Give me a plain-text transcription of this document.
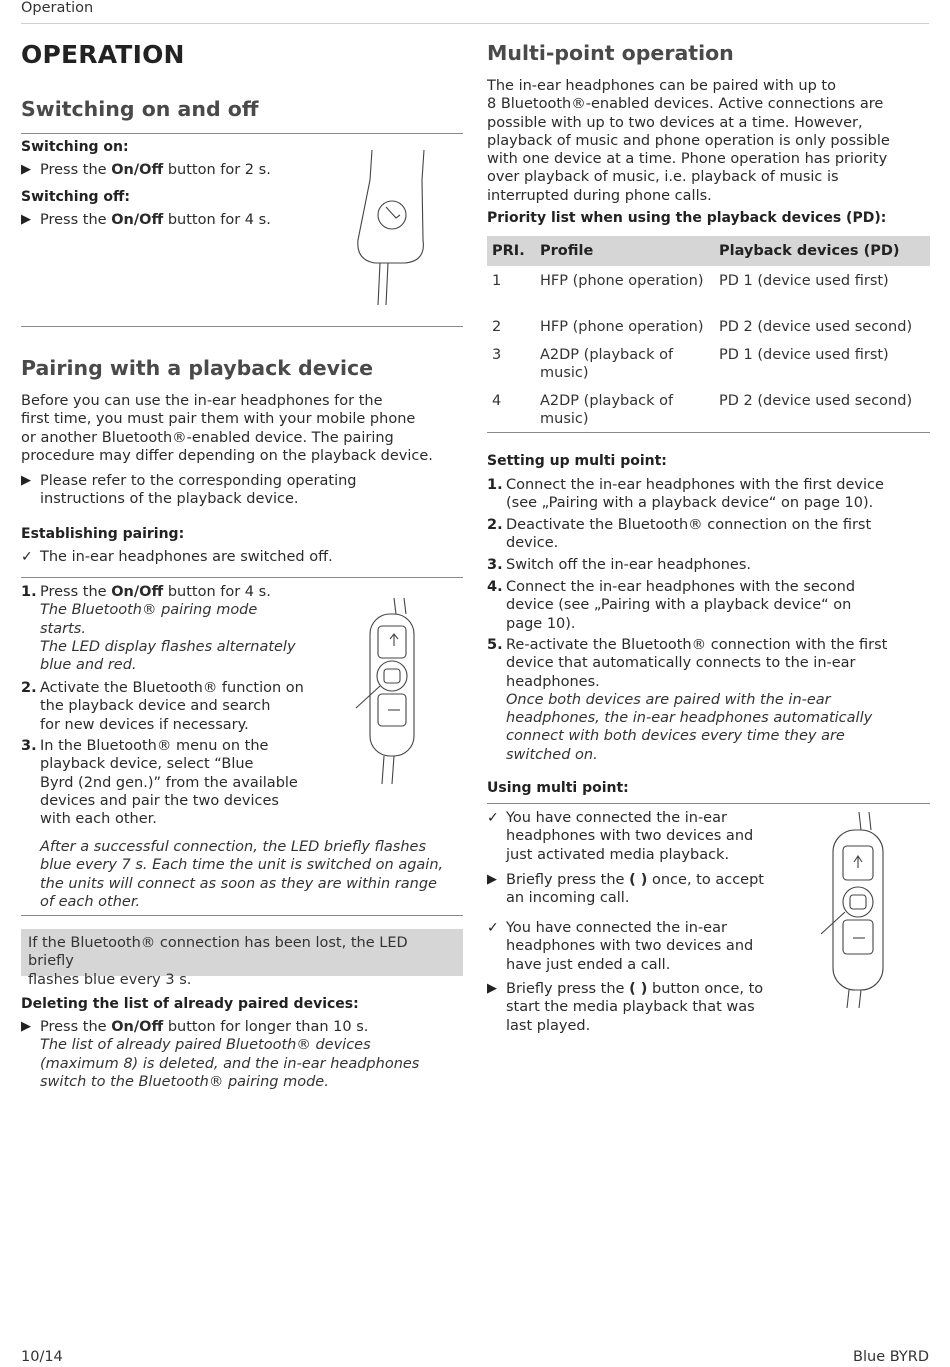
Operation
OPERATION
Switching on and off
Switching on:
▶ Press the On/Off button for 2 s.
Switching off:
▶ Press the On/Off button for 4 s.
Pairing with a playback device
Before you can use the in-ear headphones for the
first time, you must pair them with your mobile phone
or another Bluetooth®-enabled device. The pairing
procedure may differ depending on the playback device.
▶ Please refer to the corresponding operating
instructions of the playback device.
Establishing pairing:
✓ The in-ear headphones are switched off.
1. Press the On/Off button for 4 s.
The Bluetooth® pairing mode
starts.
The LED display flashes alternately
blue and red.
2. Activate the Bluetooth® function on
the playback device and search
for new devices if necessary.
3. In the Bluetooth® menu on the
playback device, select “Blue
Byrd (2nd gen.)” from the available
devices and pair the two devices
with each other.
After a successful connection, the LED briefly flashes
blue every 7 s. Each time the unit is switched on again,
the units will connect as soon as they are within range
of each other.
If the Bluetooth® connection has been lost, the LED briefly
flashes blue every 3 s.
Deleting the list of already paired devices:
▶ Press the On/Off button for longer than 10 s.
The list of already paired Bluetooth® devices
(maximum 8) is deleted, and the in-ear headphones
switch to the Bluetooth® pairing mode.
Multi-point operation
The in-ear headphones can be paired with up to
8 Bluetooth®-enabled devices. Active connections are
possible with up to two devices at a time. However,
playback of music and phone operation is only possible
with one device at a time. Phone operation has priority
over playback of music, i.e. playback of music is
interrupted during phone calls.
Priority list when using the playback devices (PD):
PRI. Profile	Playback devices (PD)
1	HFP (phone operation) PD 1 (device used first)
2	HFP (phone operation) PD 2 (device used second)
3	A2DP (playback of
music)
PD 1 (device used first)
4	A2DP (playback of
music)
PD 2 (device used second)
Setting up multi point:
1. Connect the in-ear headphones with the first device
(see „Pairing with a playback device“ on page 10).
2. Deactivate the Bluetooth® connection on the first
device.
3. Switch off the in-ear headphones.
4. Connect the in-ear headphones with the second
device (see „Pairing with a playback device“ on
page 10).
5. Re-activate the Bluetooth® connection with the first
device that automatically connects to the in-ear
headphones.
Once both devices are paired with the in-ear
headphones, the in-ear headphones automatically
connect with both devices every time they are
switched on.
Using multi point:
✓ You have connected the in-ear
headphones with two devices and
just activated media playback.
▶ Briefly press the ( ) once, to accept
an incoming call.
✓ You have connected the in-ear
headphones with two devices and
have just ended a call.
▶ Briefly press the ( ) button once, to
start the media playback that was
last played.
10/14	Blue BYRD
